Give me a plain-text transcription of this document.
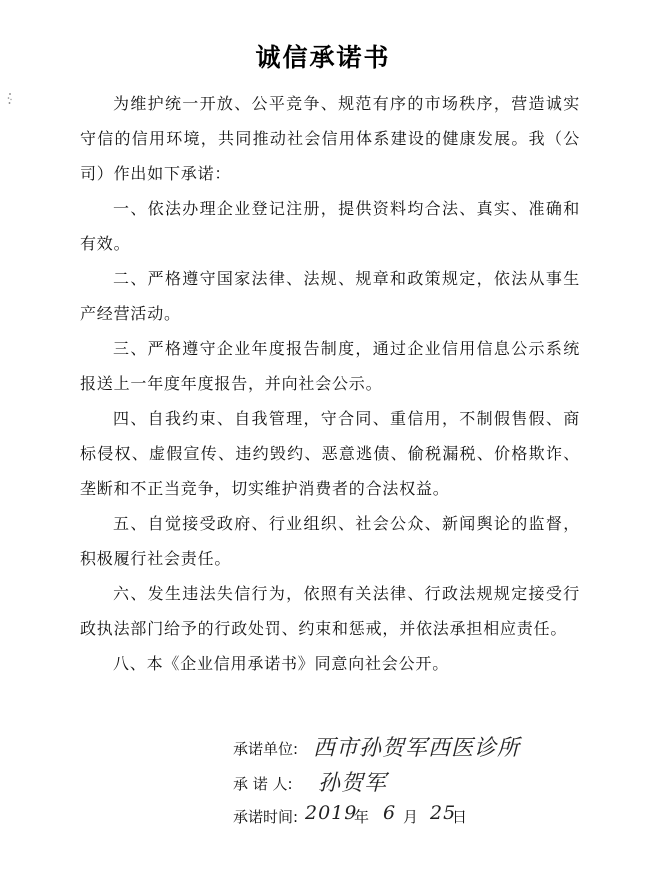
诚信承诺书

为维护统一开放、公平竞争、规范有序的市场秩序，营造诚实守信的信用环境，共同推动社会信用体系建设的健康发展。我（公司）作出如下承诺：

一、依法办理企业登记注册，提供资料均合法、真实、准确和有效。

二、严格遵守国家法律、法规、规章和政策规定，依法从事生产经营活动。

三、严格遵守企业年度报告制度，通过企业信用信息公示系统报送上一年度年度报告，并向社会公示。

四、自我约束、自我管理，守合同、重信用，不制假售假、商标侵权、虚假宣传、违约毁约、恶意逃债、偷税漏税、价格欺诈、垄断和不正当竞争，切实维护消费者的合法权益。

五、自觉接受政府、行业组织、社会公众、新闻舆论的监督，积极履行社会责任。

六、发生违法失信行为，依照有关法律、行政法规规定接受行政执法部门给予的行政处罚、约束和惩戒，并依法承担相应责任。

八、本《企业信用承诺书》同意向社会公开。

承诺单位: 西市孙贺军西医诊所
承 诺 人: 孙贺军
承诺时间: 2019
年 6 月 25
日
